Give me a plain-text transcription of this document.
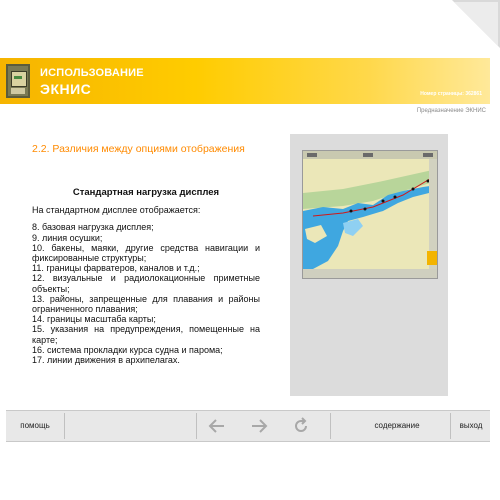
ИСПОЛЬЗОВАНИЕ
ЭКНИС	Номер страницы: 362861
Предназначение ЭКНИС
2.2. Различия между опциями отображения
Стандартная нагрузка дисплея
На стандартном дисплее отображается:
8. базовая нагрузка дисплея;
9. линия осушки;
10. бакены, маяки, другие средства навигации и фиксированные структуры;
11. границы фарватеров, каналов и т.д.;
12. визуальные и радиолокационные приметные объекты;
13. районы, запрещенные для плавания и районы ограниченного плавания;
14. границы масштаба карты;
15. указания на предупреждения, помещенные на карте;
16. система прокладки курса судна и парома;
17. линии движения в архипелагах.
помощь	содержание	выход
